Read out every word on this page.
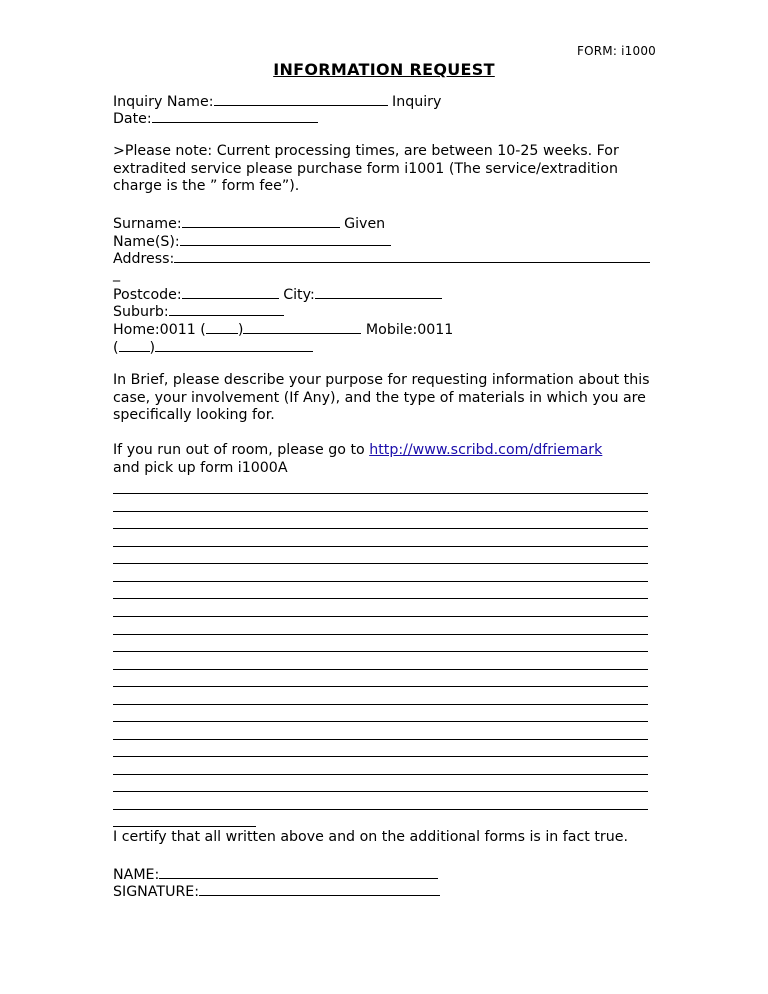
FORM: i1000
INFORMATION REQUEST
Inquiry Name:	Inquiry
Date:
>Please note: Current processing times, are between 10-25 weeks. For extradited service please purchase form i1001 (The service/extradition charge is the ” form fee”).
Surname:	Given
Name(S):
Address:
_
Postcode:	City:
Suburb:
Home:0011 ( )	Mobile:0011
( )
In Brief, please describe your purpose for requesting information about this case, your involvement (If Any), and the type of materials in which you are specifically looking for.
If you run out of room, please go to http://www.scribd.com/dfriemark
and pick up form i1000A
I certify that all written above and on the additional forms is in fact true.
NAME:
SIGNATURE:
